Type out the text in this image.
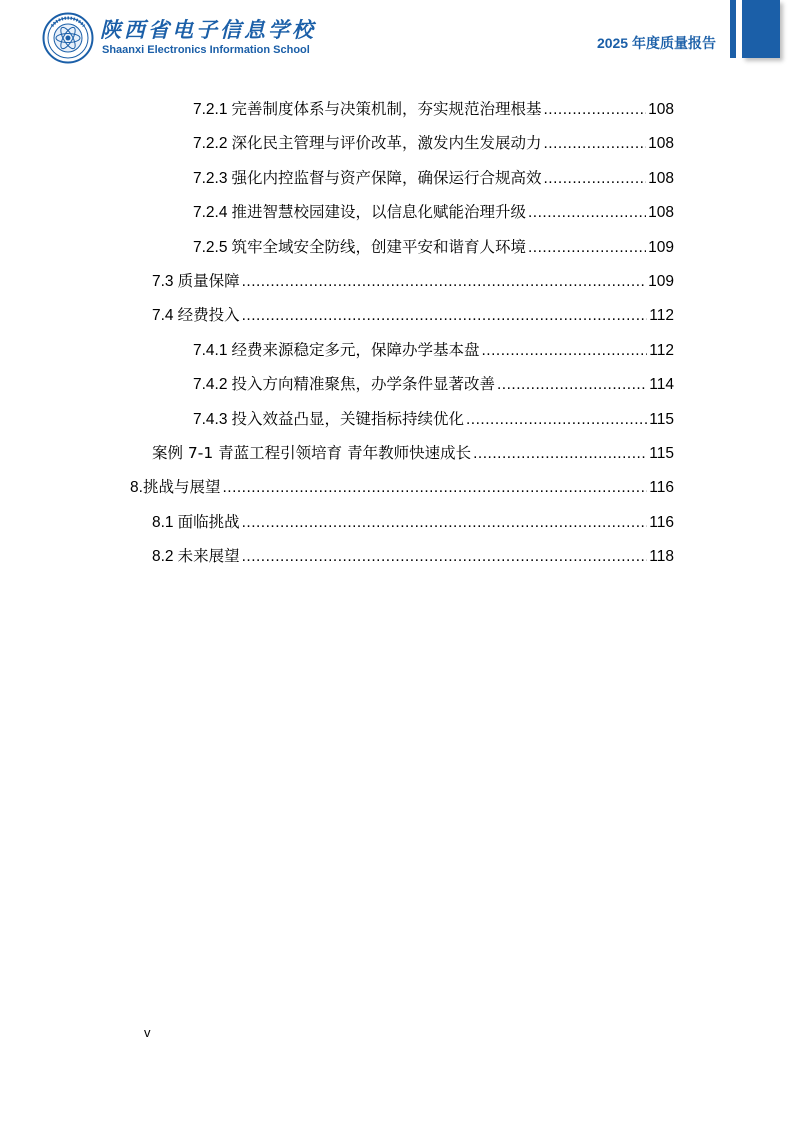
陕西省电子信息学校
Shaanxi Electronics Information School	2025 年度质量报告
7.2.1 完善制度体系与决策机制，夯实规范治理根基 .....	108
7.2.2 深化民主管理与评价改革，激发内生发展动力 .....	108
7.2.3 强化内控监督与资产保障，确保运行合规高效 .....	108
7.2.4 推进智慧校园建设，以信息化赋能治理升级 .....	108
7.2.5 筑牢全域安全防线，创建平安和谐育人环境 .....	109
7.3 质量保障 .....	109
7.4 经费投入 .....	112
7.4.1 经费来源稳定多元，保障办学基本盘 .....	112
7.4.2 投入方向精准聚焦，办学条件显著改善 .....	114
7.4.3 投入效益凸显，关键指标持续优化 .....	115
案例 7-1 青蓝工程引领培育 青年教师快速成长 .....	115
8. 挑战与展望 .....	116
8.1 面临挑战 .....	116
8.2 未来展望 .....	118
v
